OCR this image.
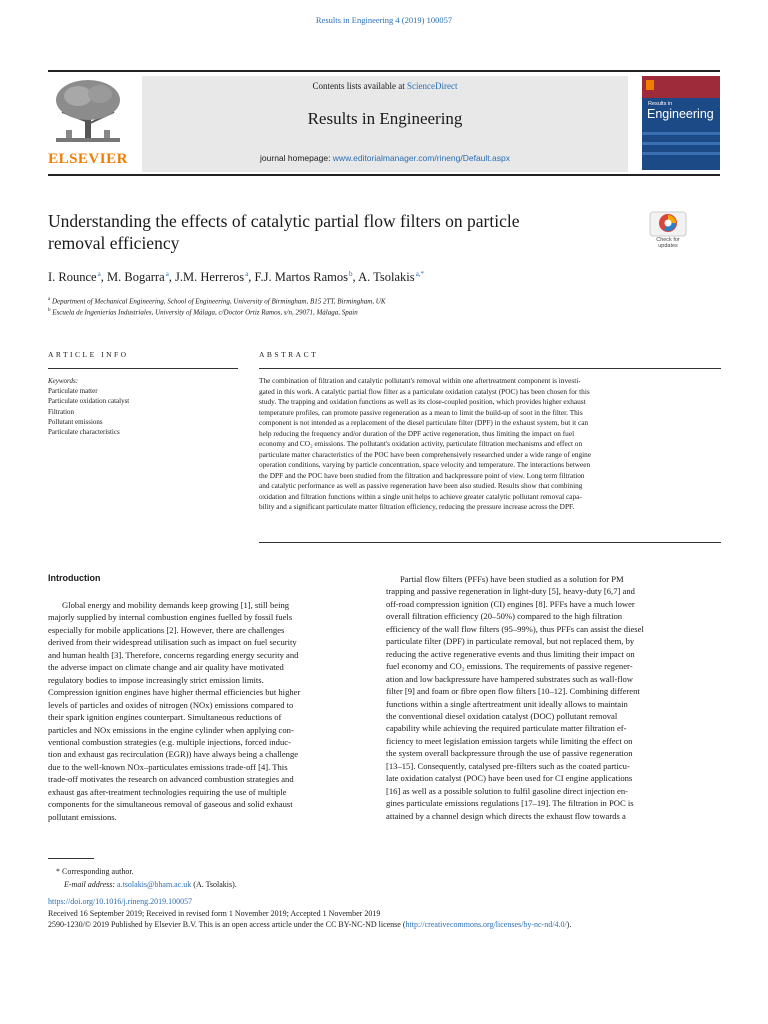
Results in Engineering 4 (2019) 100057
ELSEVIER
Contents lists available at ScienceDirect
Results in Engineering
journal homepage: www.editorialmanager.com/rineng/Default.aspx
Results in
Engineering
Understanding the effects of catalytic partial flow filters on particle
removal efficiency	Check for
updates
I. Rounce $^a$, M. Bogarra $^a$, J.M. Herreros $^a$, F.J. Martos Ramos $^b$, A. Tsolakis $^{a,*}$
$^a$ Department of Mechanical Engineering, School of Engineering, University of Birmingham, B15 2TT, Birmingham, UK
$^b$ Escuela de Ingenierías Industriales, University of Málaga, c/Doctor Ortiz Ramos, s/n, 29071, Málaga, Spain
ARTICLE INFO	ABSTRACT
Keywords:
Particulate matter
Particulate oxidation catalyst
Filtration
Pollutant emissions
Particulate characteristics
The combination of filtration and catalytic pollutant's removal within one aftertreatment component is investi-
gated in this work. A catalytic partial flow filter as a particulate oxidation catalyst (POC) has been chosen for this
study. The trapping and oxidation functions as well as its close-coupled position, which provides higher exhaust
temperature profiles, can promote passive regeneration as a mean to limit the build-up of soot in the filter. This
component is not intended as a replacement of the diesel particulate filter (DPF) in the exhaust system, but it can
help reducing the frequency and/or duration of the DPF active regeneration, thus limiting the impact on fuel
economy and CO₂ emissions. The pollutant's oxidation activity, particulate filtration mechanisms and effect on
particulate matter characteristics of the POC have been comprehensively researched under a wide range of engine
operation conditions, varying by particle concentration, space velocity and temperature. The interactions between
the DPF and the POC have been studied from the filtration and backpressure point of view. Long term filtration
and catalytic performance as well as passive regeneration have been also studied. Results show that combining
oxidation and filtration functions within a single unit helps to achieve greater catalytic pollutant removal capa-
bility and a significant particulate matter filtration efficiency, reducing the pressure increase across the DPF.
Introduction
Global energy and mobility demands keep growing [1], still being
majorly supplied by internal combustion engines fuelled by fossil fuels
especially for mobile applications [2]. However, there are challenges
derived from their widespread utilisation such as impact on fuel security
and human health [3]. Therefore, concerns regarding energy security and
the adverse impact on climate change and air quality have motivated
regulatory bodies to impose increasingly strict emission limits.
Compression ignition engines have higher thermal efficiencies but higher
levels of particles and oxides of nitrogen (NOx) emissions compared to
their spark ignition engines counterpart. Simultaneous reductions of
particles and NOx emissions in the engine cylinder when applying con-
ventional combustion strategies (e.g. multiple injections, forced induc-
tion and exhaust gas recirculation (EGR)) have always being a challenge
due to the well-known NOx–particulates emissions trade-off [4]. This
trade-off motivates the research on advanced combustion strategies and
exhaust gas after-treatment technologies requiring the use of multiple
components for the simultaneous removal of gaseous and solid exhaust
pollutant emissions.
Partial flow filters (PFFs) have been studied as a solution for PM
trapping and passive regeneration in light-duty [5], heavy-duty [6,7] and
off-road compression ignition (CI) engines [8]. PFFs have a much lower
overall filtration efficiency (20–50%) compared to the high filtration
efficiency of the wall flow filters (95–99%), thus PFFs can assist the diesel
particulate filter (DPF) in particulate removal, but not replaced them, by
reducing the active regenerative events and thus limiting their impact on
fuel economy and CO₂ emissions. The requirements of passive regener-
ation and low backpressure have hampered substrates such as wall-flow
filter [9] and foam or fibre open flow filters [10–12]. Combining different
functions within a single aftertreatment unit ideally allows to maintain
the conventional diesel oxidation catalyst (DOC) pollutant removal
capability while achieving the required particulate matter filtration ef-
ficiency to meet legislation emission targets while limiting the effect on
the system overall backpressure through the use of passive regeneration
[13–15]. Consequently, catalysed pre-filters such as the coated particu-
late oxidation catalyst (POC) have been used for CI engine applications
[16] as well as a possible solution to fulfil gasoline direct injection en-
gines particulate emissions regulations [17–19]. The filtration in POC is
attained by a channel design which directs the exhaust flow towards a
* Corresponding author.
E-mail address: a.tsolakis@bham.ac.uk (A. Tsolakis).
https://doi.org/10.1016/j.rineng.2019.100057
Received 16 September 2019; Received in revised form 1 November 2019; Accepted 1 November 2019
2590-1230/© 2019 Published by Elsevier B.V. This is an open access article under the CC BY-NC-ND license (http://creativecommons.org/licenses/by-nc-nd/4.0/).
